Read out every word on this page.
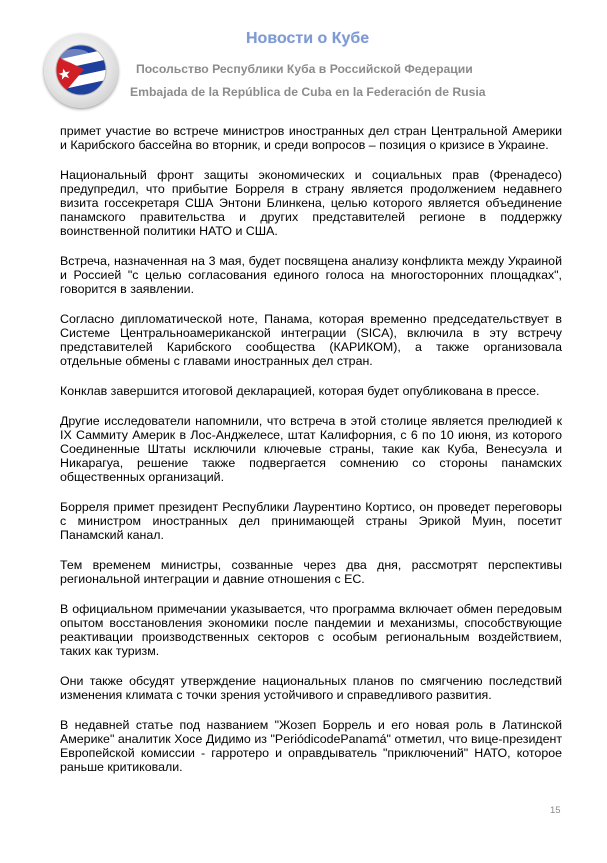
Новости о Кубе
Посольство Республики Куба в Российской Федерации
Embajada de la República de Cuba en la Federación de Rusia

примет участие во встрече министров иностранных дел стран Центральной Америки и Карибского бассейна во вторник, и среди вопросов – позиция о кризисе в Украине.

Национальный фронт защиты экономических и социальных прав (Френадесо) предупредил, что прибытие Борреля в страну является продолжением недавнего визита госсекретаря США Энтони Блинкена, целью которого является объединение панамского правительства и других представителей регионе в поддержку воинственной политики НАТО и США.

Встреча, назначенная на 3 мая, будет посвящена анализу конфликта между Украиной и Россией "с целью согласования единого голоса на многосторонних площадках", говорится в заявлении.

Согласно дипломатической ноте, Панама, которая временно председательствует в Системе Центральноамериканской интеграции (SICA), включила в эту встречу представителей Карибского сообщества (КАРИКОМ), а также организовала отдельные обмены с главами иностранных дел стран.

Конклав завершится итоговой декларацией, которая будет опубликована в прессе.

Другие исследователи напомнили, что встреча в этой столице является прелюдией к IX Саммиту Америк в Лос-Анджелесе, штат Калифорния, с 6 по 10 июня, из которого Соединенные Штаты исключили ключевые страны, такие как Куба, Венесуэла и Никарагуа, решение также подвергается сомнению со стороны панамских общественных организаций.

Борреля примет президент Республики Лаурентино Кортисо, он проведет переговоры с министром иностранных дел принимающей страны Эрикой Муин, посетит Панамский канал.

Тем временем министры, созванные через два дня, рассмотрят перспективы региональной интеграции и давние отношения с ЕС.

В официальном примечании указывается, что программа включает обмен передовым опытом восстановления экономики после пандемии и механизмы, способствующие реактивации производственных секторов с особым региональным воздействием, таких как туризм.

Они также обсудят утверждение национальных планов по смягчению последствий изменения климата с точки зрения устойчивого и справедливого развития.

В недавней статье под названием "Жозеп Боррель и его новая роль в Латинской Америке" аналитик Хосе Дидимо из "PeriódicodePanamá" отметил, что вице-президент Европейской комиссии - гарротеро и оправдыватель "приключений" НАТО, которое раньше критиковали.

15
